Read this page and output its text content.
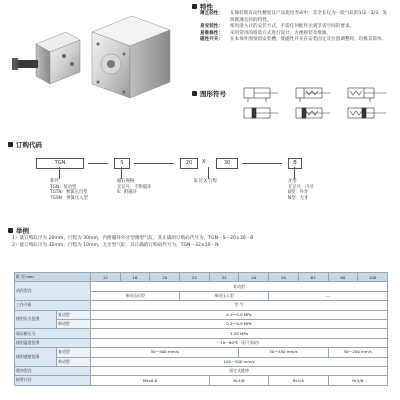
特性
薄且轻性： 在保持既有动作精度及产品使用寿命中，其全长仅为一般气缸的1/2－1/3，发挥既薄且轻的特性。
易安装性： 使用滑入式的安装方式，不需任何配件达到节省空间的要求。
易维修性： 采用常用的组装方式进行设计，方便拆装及维修。
磁性开关： 在本体外围预留安装槽，使磁性开关在安装固定及位置调整时，均极其简单。
图形符号
订购代码
TGN	S	20	X	30	B
系列
TGN：复动型
TGTN：弹簧压出型
TGSN：弹簧压入型
磁石规格
无记号：不附磁环
S：附磁环
缸径 X 行程	牙型
无记号：内牙
B型：外牙
N型：无牙
举例
1）欲订购缸径为 20mm，行程为 30mm，内附磁环外牙型薄型气缸，其正确的订购码代号为，TGN－S－20×30－B
2）欲订购缸径为 32mm，行程为 10mm，无牙型气缸，其正确的订购码代号为，TGN－32×10－N
缸 径 mm		12	16	20	25	32	40	50	63	80	100
动作型式		复动型									
		单动压出型			单动压入型			—			
工作介质		空 气									
使用压力范围	复动型	0.1～0.9 MPa									
	单动型	0.2～0.9 MPa									
保证耐压力		1.35 MPa									
使用温度范围		－10～60℃（但不冻结）									
使用速度范围	复动型	30～500 mm/s					30～350 mm/s			30～250 mm/s	
	单动型	100～500 mm/s									
缓冲型式		固定式缓冲									
接管口径		M5x0.8				Rc1/8		Rc1/4		Rc3/8	
